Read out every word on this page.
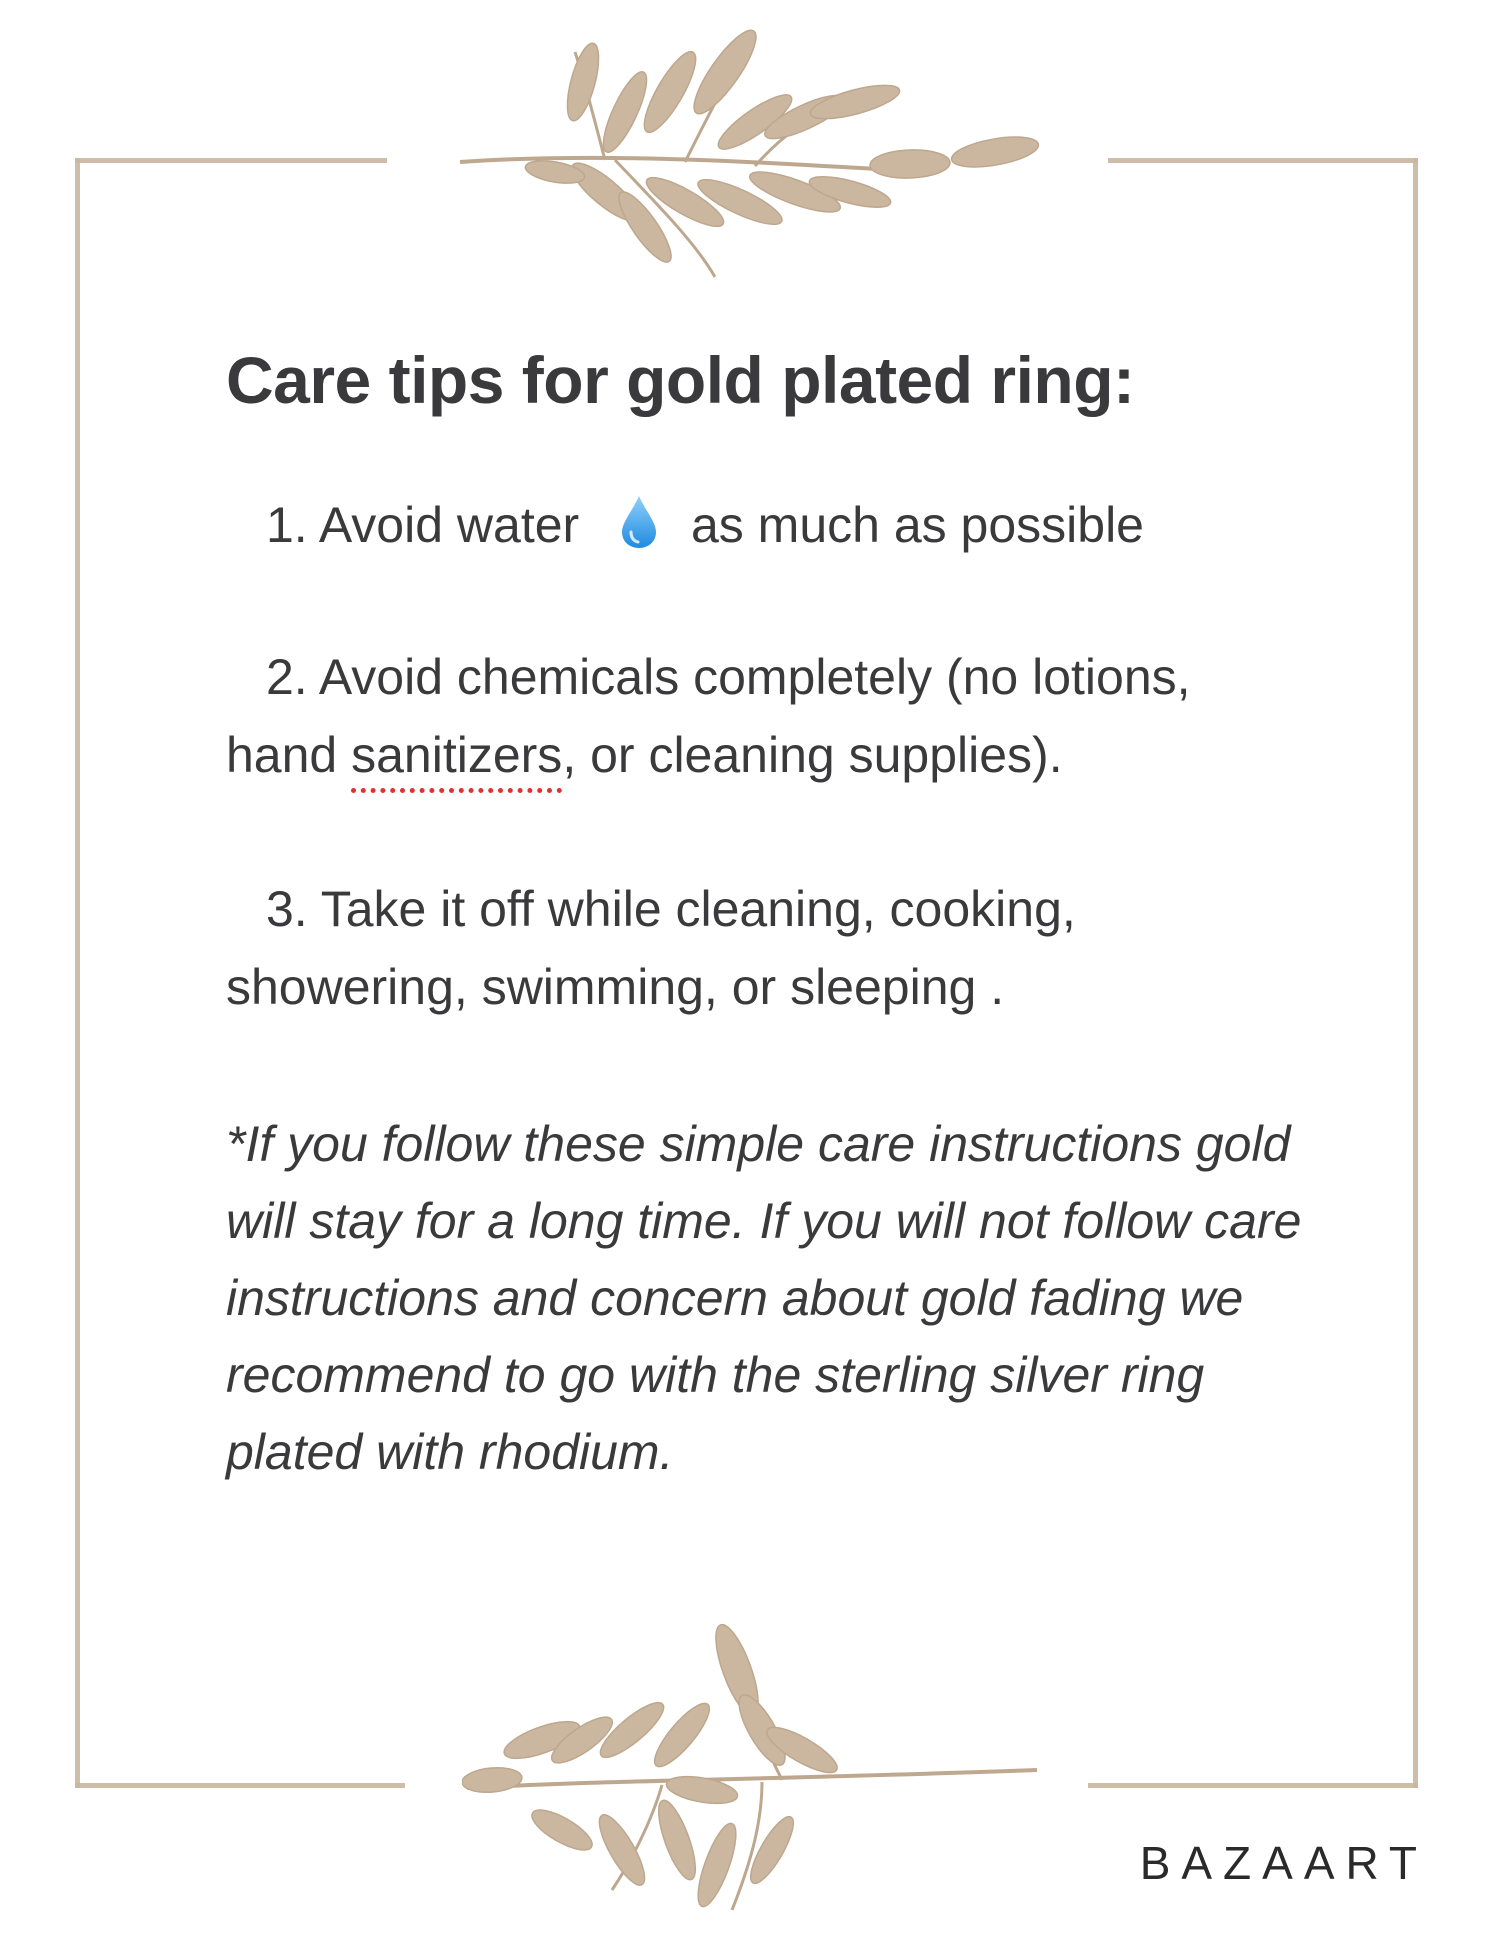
Care tips for gold plated ring:

1. Avoid water as much as possible

2. Avoid chemicals completely (no lotions,
hand sanitizers, or cleaning supplies).

3. Take it off while cleaning, cooking,
showering, swimming, or sleeping .

*If you follow these simple care instructions gold will stay for a long time. If you will not follow care instructions and concern about gold fading we recommend to go with the sterling silver ring plated with rhodium.

BAZAART
